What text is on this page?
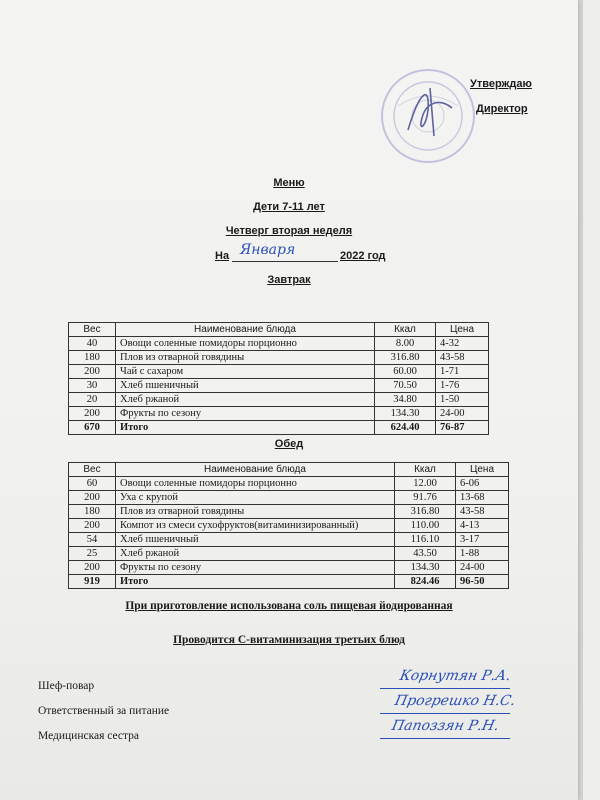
Утверждаю
Директор
Меню
Дети 7-11 лет
Четверг вторая неделя
На Января	2022 год
Завтрак
Вес	Наименование блюда	Ккал	Цена
40	Овощи соленные помидоры порционно	8.00	4-32
180	Плов из отварной говядины	316.80	43-58
200	Чай с сахаром	60.00	1-71
30	Хлеб пшеничный	70.50	1-76
20	Хлеб ржаной	34.80	1-50
200	Фрукты по сезону	134.30	24-00
670	Итого	624.40	76-87
Обед
Вес	Наименование блюда	Ккал	Цена
60	Овощи соленные помидоры порционно	12.00	6-06
200	Уха с крупой	91.76	13-68
180	Плов из отварной говядины	316.80	43-58
200	Компот из смеси сухофруктов(витаминизированный)	110.00	4-13
54	Хлеб пшеничный	116.10	3-17
25	Хлеб ржаной	43.50	1-88
200	Фрукты по сезону	134.30	24-00
919	Итого	824.46	96-50
При приготовление использована соль пищевая йодированная
Проводится С-витаминизация третьих блюд
Шеф-повар
Корнутян Р.А.
Ответственный за питание
Прогрешко Н.С.
Медицинская сестра
Папоззян Р.Н.
